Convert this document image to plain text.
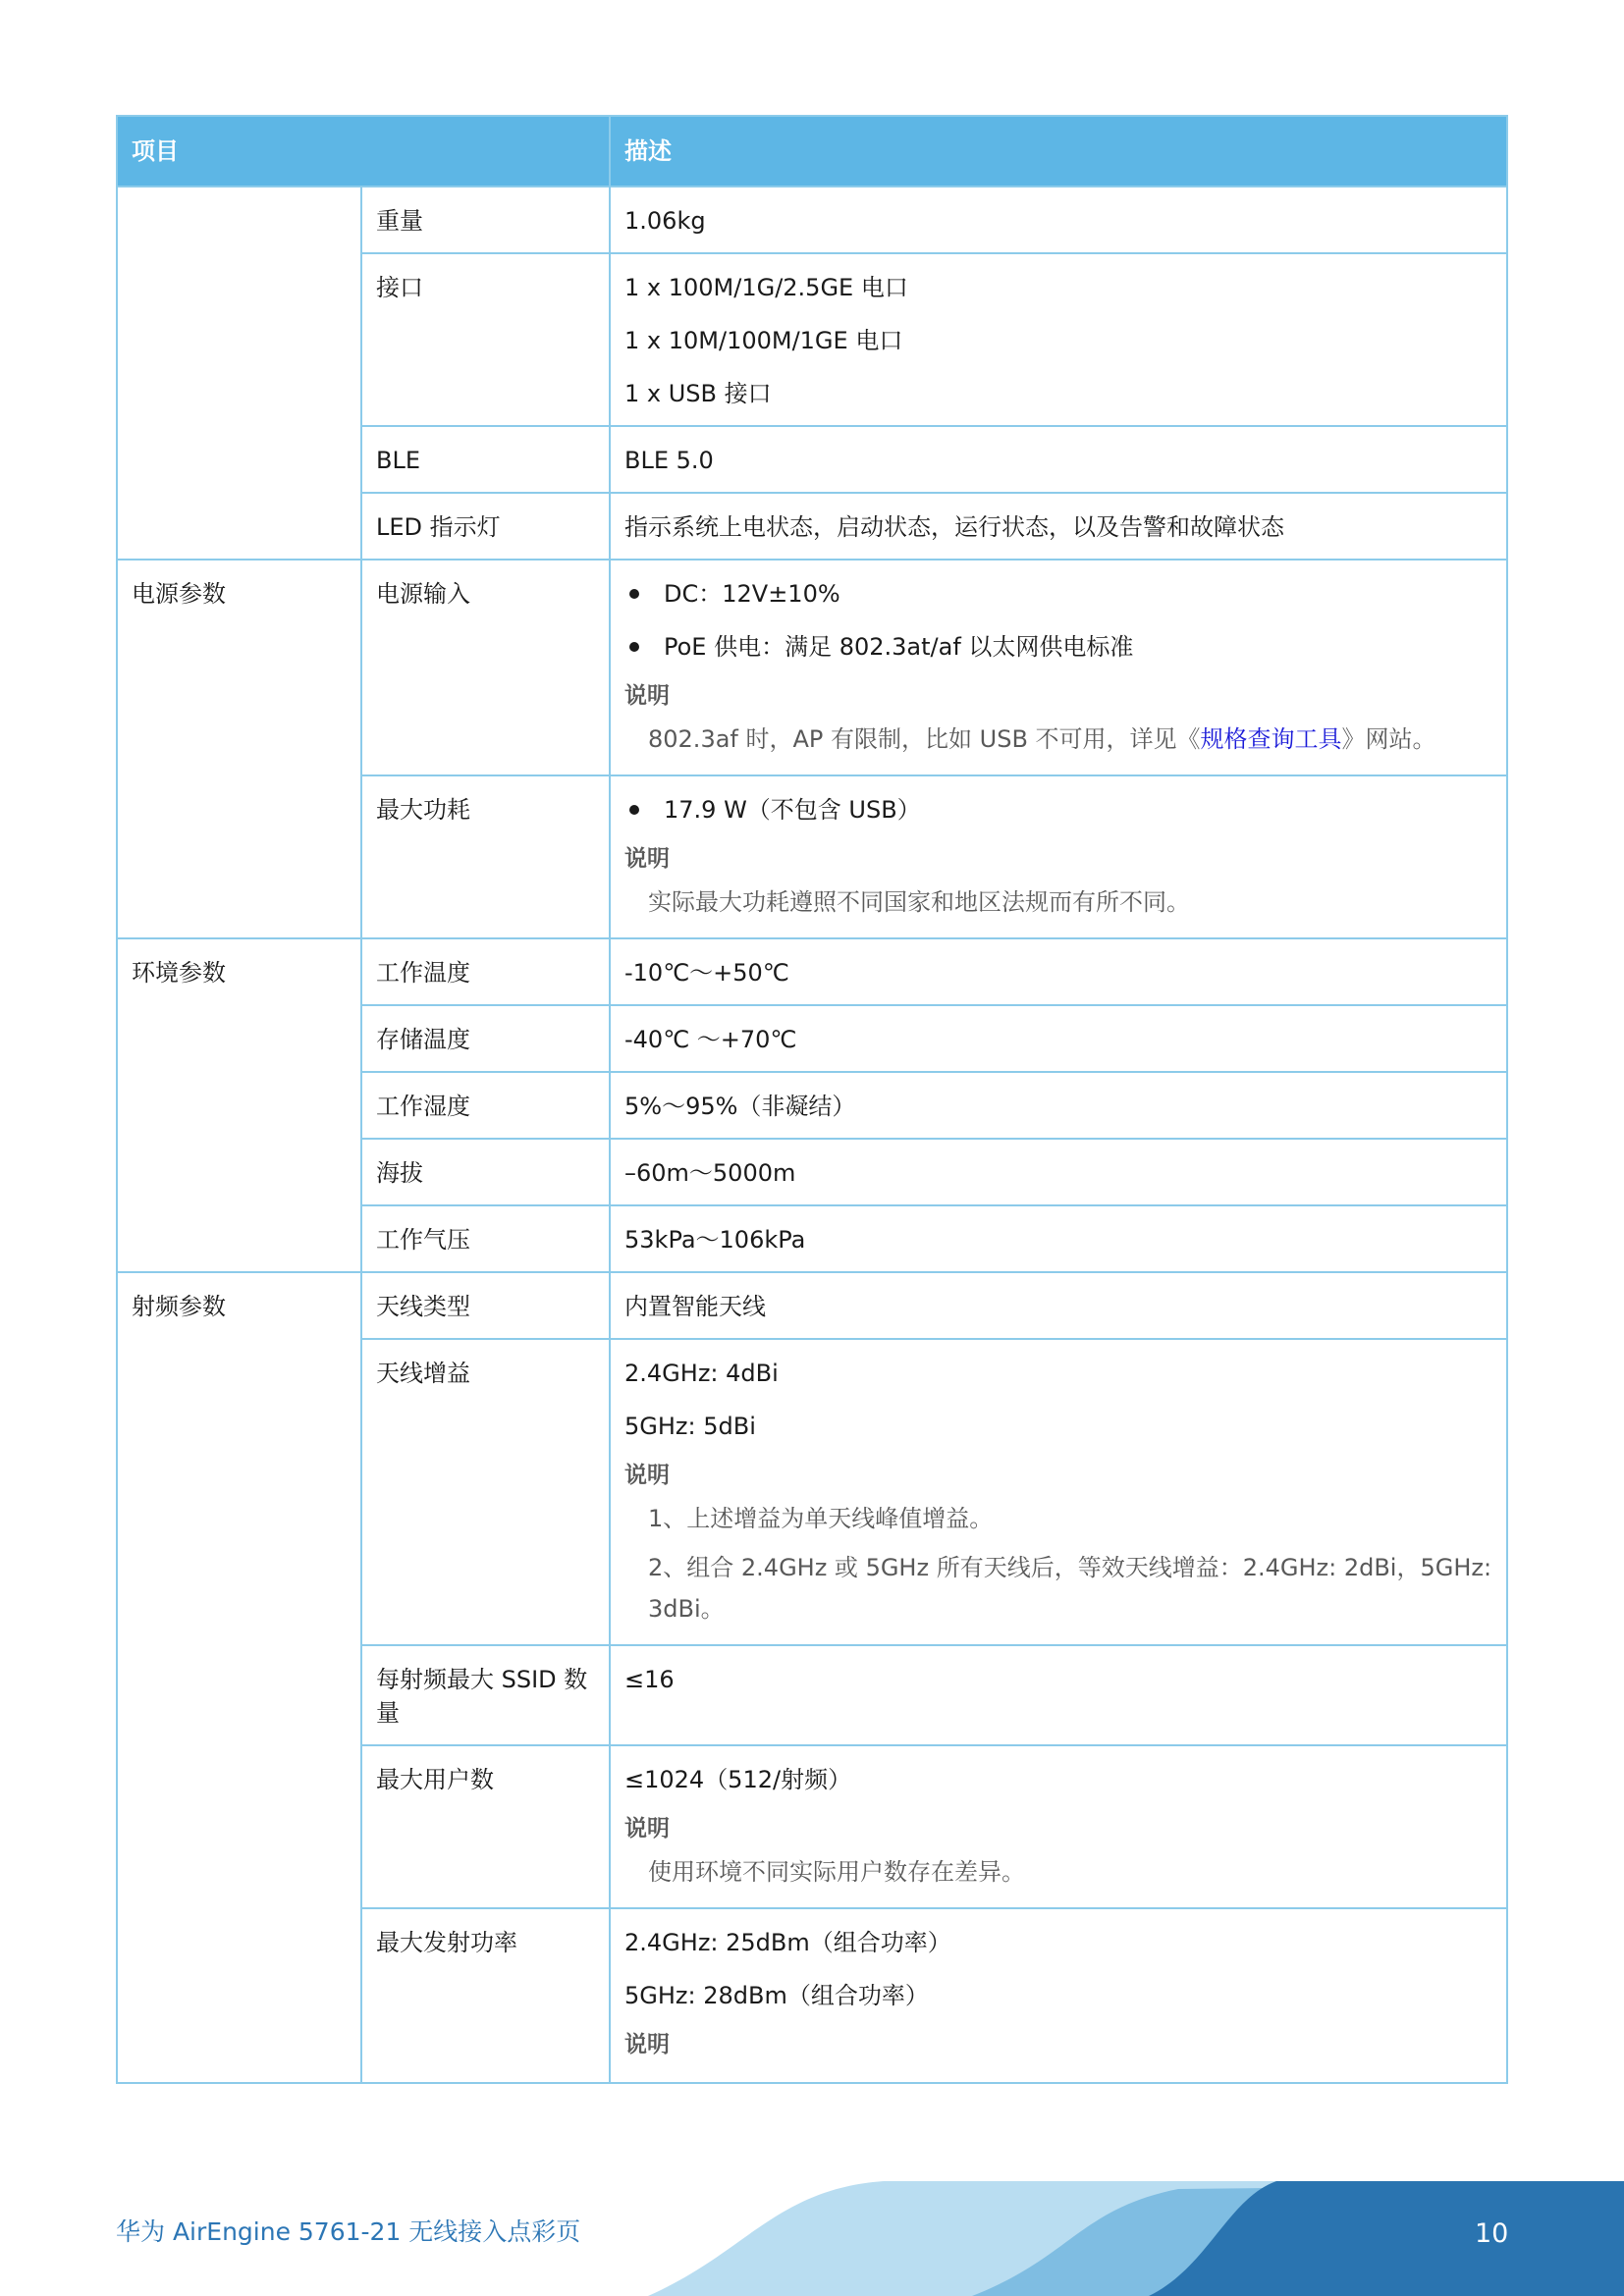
项目		描述
	重量	1.06kg

	接口	1 x 100M/1G/2.5GE 电口

1 x 10M/100M/1GE 电口

1 x USB 接口

	BLE	BLE 5.0

	LED 指示灯	指示系统上电状态，启动状态，运行状态，以及告警和故障状态

电源参数	电源输入	DC：12V±10%

PoE 供电：满足 802.3at/af 以太网供电标准

说明

802.3af 时，AP 有限制，比如 USB 不可用，详见《规格查询工具》网站。

	最大功耗	17.9 W（不包含 USB）

说明

实际最大功耗遵照不同国家和地区法规而有所不同。

环境参数	工作温度	-10℃～+50℃

	存储温度	-40℃ ～+70℃

	工作湿度	5%～95%（非凝结）

	海拔	–60m～5000m

	工作气压	53kPa～106kPa

射频参数	天线类型	内置智能天线

	天线增益	2.4GHz: 4dBi

5GHz: 5dBi

说明

1、上述增益为单天线峰值增益。

2、组合 2.4GHz 或 5GHz 所有天线后，等效天线增益：2.4GHz: 2dBi，5GHz: 3dBi。

	每射频最大 SSID 数量	≤16

	最大用户数	≤1024（512/射频）

说明

使用环境不同实际用户数存在差异。

	最大发射功率	2.4GHz: 25dBm（组合功率）

5GHz: 28dBm（组合功率）

说明
华为 AirEngine 5761-21 无线接入点彩页	10
